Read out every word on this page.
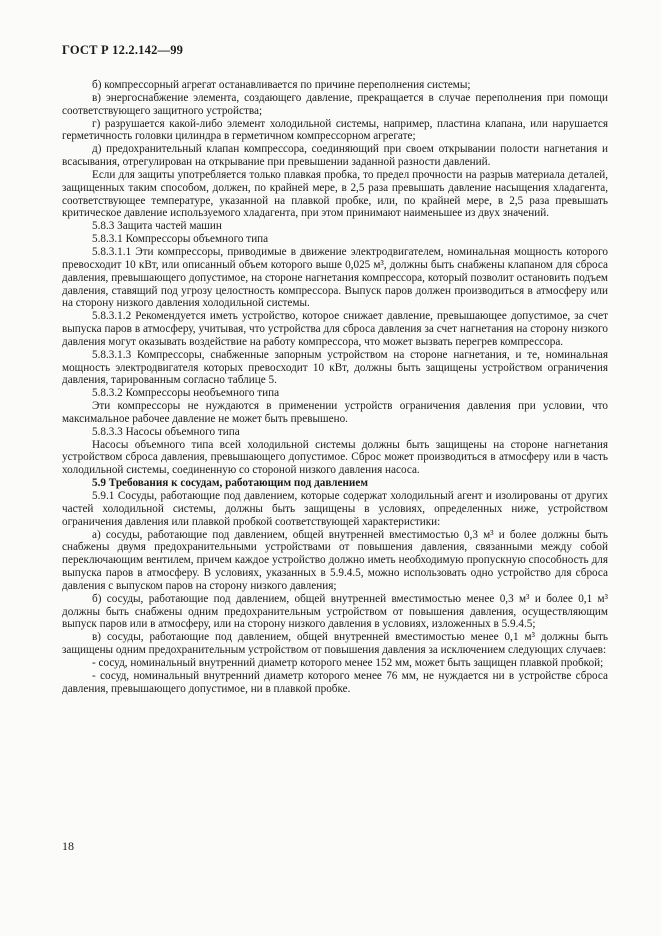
ГОСТ Р 12.2.142—99

б) компрессорный агрегат останавливается по причине переполнения системы;

в) энергоснабжение элемента, создающего давление, прекращается в случае переполнения при помощи соответствующего защитного устройства;

г) разрушается какой-либо элемент холодильной системы, например, пластина клапана, или нарушается герметичность головки цилиндра в герметичном компрессорном агрегате;

д) предохранительный клапан компрессора, соединяющий при своем открывании полости нагнетания и всасывания, отрегулирован на открывание при превышении заданной разности давлений.

Если для защиты употребляется только плавкая пробка, то предел прочности на разрыв материала деталей, защищенных таким способом, должен, по крайней мере, в 2,5 раза превышать давление насыщения хладагента, соответствующее температуре, указанной на плавкой пробке, или, по крайней мере, в 2,5 раза превышать критическое давление используемого хладагента, при этом принимают наименьшее из двух значений.

5.8.3 Защита частей машин

5.8.3.1 Компрессоры объемного типа

5.8.3.1.1 Эти компрессоры, приводимые в движение электродвигателем, номинальная мощность которого превосходит 10 кВт, или описанный объем которого выше 0,025 м³, должны быть снабжены клапаном для сброса давления, превышающего допустимое, на стороне нагнетания компрессора, который позволит остановить подъем давления, ставящий под угрозу целостность компрессора. Выпуск паров должен производиться в атмосферу или на сторону низкого давления холодильной системы.

5.8.3.1.2 Рекомендуется иметь устройство, которое снижает давление, превышающее допустимое, за счет выпуска паров в атмосферу, учитывая, что устройства для сброса давления за счет нагнетания на сторону низкого давления могут оказывать воздействие на работу компрессора, что может вызвать перегрев компрессора.

5.8.3.1.3 Компрессоры, снабженные запорным устройством на стороне нагнетания, и те, номинальная мощность электродвигателя которых превосходит 10 кВт, должны быть защищены устройством ограничения давления, тарированным согласно таблице 5.

5.8.3.2 Компрессоры необъемного типа

Эти компрессоры не нуждаются в применении устройств ограничения давления при условии, что максимальное рабочее давление не может быть превышено.

5.8.3.3 Насосы объемного типа

Насосы объемного типа всей холодильной системы должны быть защищены на стороне нагнетания устройством сброса давления, превышающего допустимое. Сброс может производиться в атмосферу или в часть холодильной системы, соединенную со стороной низкого давления насоса.

5.9 Требования к сосудам, работающим под давлением

5.9.1 Сосуды, работающие под давлением, которые содержат холодильный агент и изолированы от других частей холодильной системы, должны быть защищены в условиях, определенных ниже, устройством ограничения давления или плавкой пробкой соответствующей характеристики:

а) сосуды, работающие под давлением, общей внутренней вместимостью 0,3 м³ и более должны быть снабжены двумя предохранительными устройствами от повышения давления, связанными между собой переключающим вентилем, причем каждое устройство должно иметь необходимую пропускную способность для выпуска паров в атмосферу. В условиях, указанных в 5.9.4.5, можно использовать одно устройство для сброса давления с выпуском паров на сторону низкого давления;

б) сосуды, работающие под давлением, общей внутренней вместимостью менее 0,3 м³ и более 0,1 м³ должны быть снабжены одним предохранительным устройством от повышения давления, осуществляющим выпуск паров или в атмосферу, или на сторону низкого давления в условиях, изложенных в 5.9.4.5;

в) сосуды, работающие под давлением, общей внутренней вместимостью менее 0,1 м³ должны быть защищены одним предохранительным устройством от повышения давления за исключением следующих случаев:

- сосуд, номинальный внутренний диаметр которого менее 152 мм, может быть защищен плавкой пробкой;

- сосуд, номинальный внутренний диаметр которого менее 76 мм, не нуждается ни в устройстве сброса давления, превышающего допустимое, ни в плавкой пробке.

18
